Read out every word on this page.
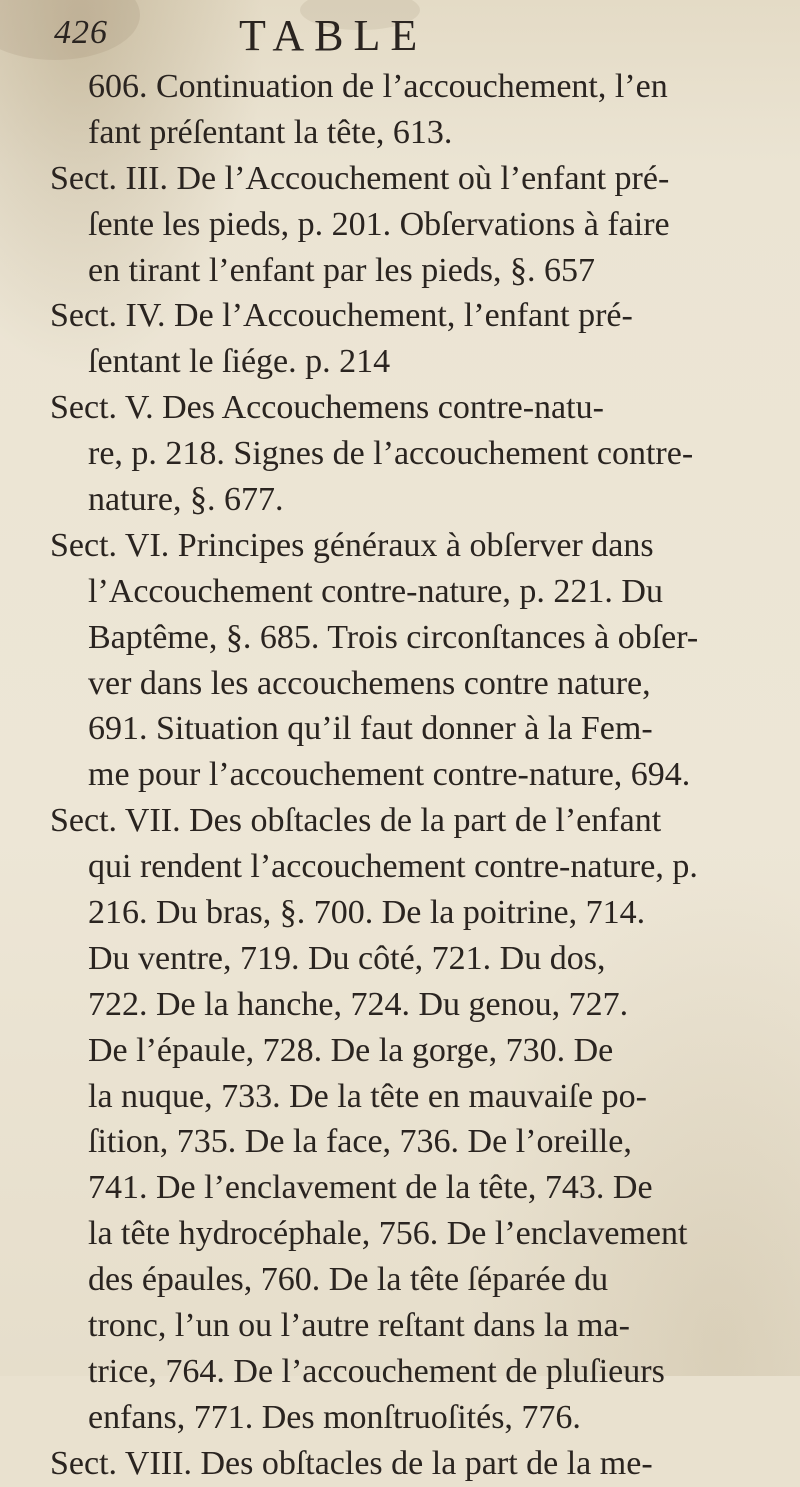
426	TABLE
606. Continuation de l’accouchement, l’en
fant préſentant la tête, 613.
Sect. III. De l’Accouchement où l’enfant pré-
ſente les pieds, p. 201. Obſervations à faire
en tirant l’enfant par les pieds, §. 657
Sect. IV. De l’Accouchement, l’enfant pré-
ſentant le ſiége. p. 214
Sect. V. Des Accouchemens contre-natu-
re, p. 218. Signes de l’accouchement contre-
nature, §. 677.
Sect. VI. Principes généraux à obſerver dans
l’Accouchement contre-nature, p. 221. Du
Baptême, §. 685. Trois circonſtances à obſer-
ver dans les accouchemens contre nature,
691. Situation qu’il faut donner à la Fem-
me pour l’accouchement contre-nature, 694.
Sect. VII. Des obſtacles de la part de l’enfant
qui rendent l’accouchement contre-nature, p.
216. Du bras, §. 700. De la poitrine, 714.
Du ventre, 719. Du côté, 721. Du dos,
722. De la hanche, 724. Du genou, 727.
De l’épaule, 728. De la gorge, 730. De
la nuque, 733. De la tête en mauvaiſe po-
ſition, 735. De la face, 736. De l’oreille,
741. De l’enclavement de la tête, 743. De
la tête hydrocéphale, 756. De l’enclavement
des épaules, 760. De la tête ſéparée du
tronc, l’un ou l’autre reſtant dans la ma-
trice, 764. De l’accouchement de pluſieurs
enfans, 771. Des monſtruoſités, 776.
Sect. VIII. Des obſtacles de la part de la me-
